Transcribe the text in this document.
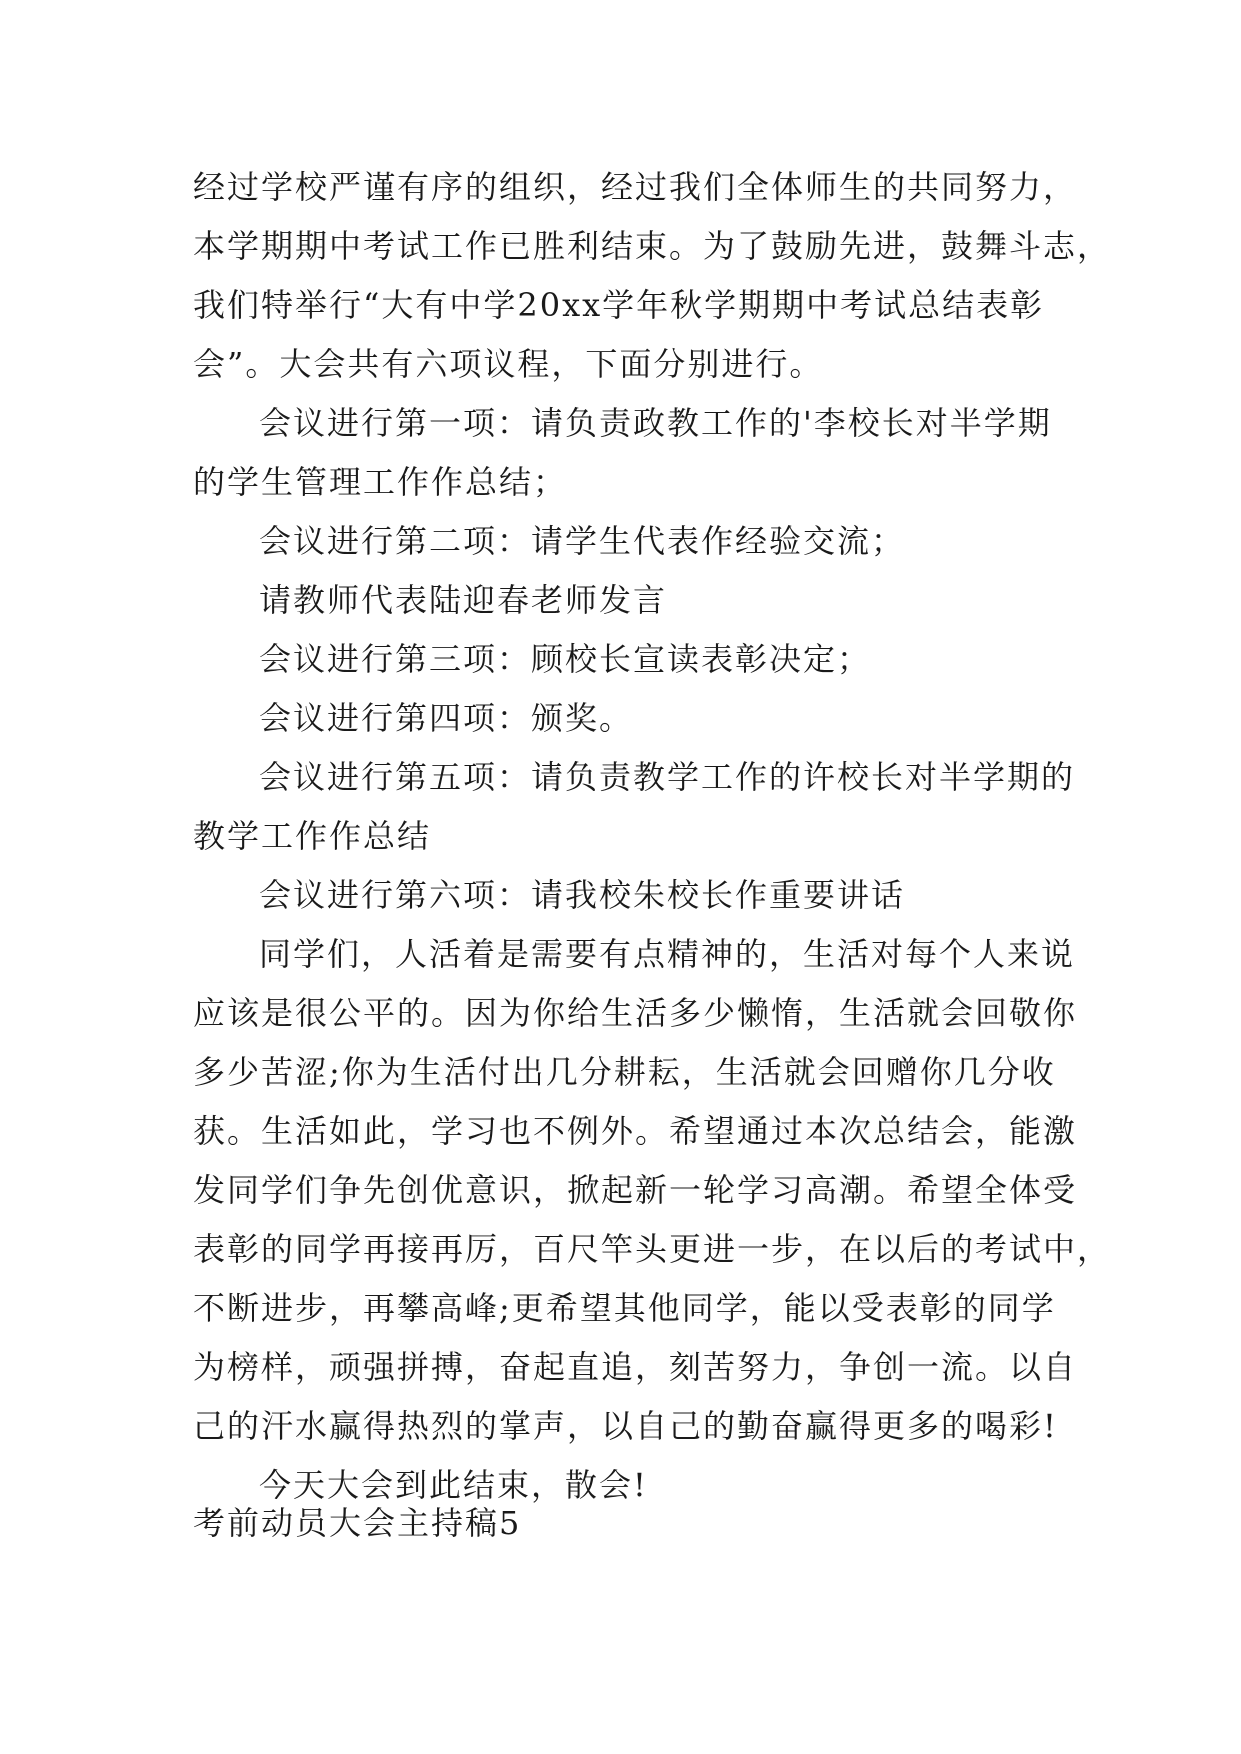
经过学校严谨有序的组织，经过我们全体师生的共同努力，
本学期期中考试工作已胜利结束。为了鼓励先进，鼓舞斗志，
我们特举行“大有中学20xx学年秋学期期中考试总结表彰
会”。大会共有六项议程，下面分别进行。
会议进行第一项：请负责政教工作的'李校长对半学期
的学生管理工作作总结；
会议进行第二项：请学生代表作经验交流；
请教师代表陆迎春老师发言
会议进行第三项：顾校长宣读表彰决定；
会议进行第四项：颁奖。
会议进行第五项：请负责教学工作的许校长对半学期的
教学工作作总结
会议进行第六项：请我校朱校长作重要讲话
同学们，人活着是需要有点精神的，生活对每个人来说
应该是很公平的。因为你给生活多少懒惰，生活就会回敬你
多少苦涩;你为生活付出几分耕耘，生活就会回赠你几分收
获。生活如此，学习也不例外。希望通过本次总结会，能激
发同学们争先创优意识，掀起新一轮学习高潮。希望全体受
表彰的同学再接再厉，百尺竿头更进一步，在以后的考试中，
不断进步，再攀高峰;更希望其他同学，能以受表彰的同学
为榜样，顽强拼搏，奋起直追，刻苦努力，争创一流。以自
己的汗水赢得热烈的掌声，以自己的勤奋赢得更多的喝彩!
今天大会到此结束，散会!
考前动员大会主持稿5
